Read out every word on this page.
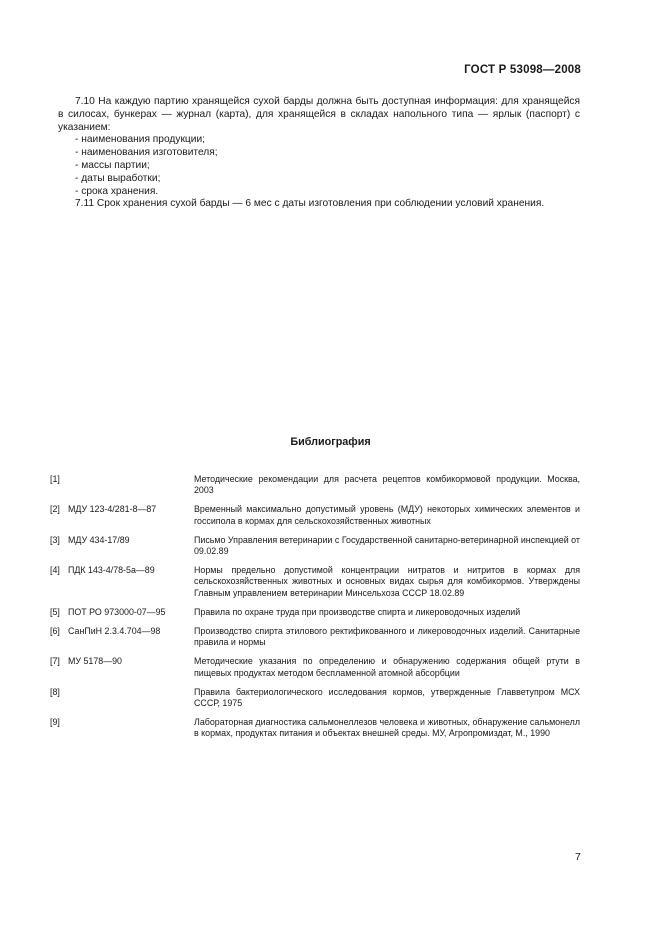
ГОСТ Р 53098—2008

7.10 На каждую партию хранящейся сухой барды должна быть доступная информация: для хранящейся в силосах, бункерах — журнал (карта), для хранящейся в складах напольного типа — ярлык (паспорт) с указанием:

- наименования продукции;
- наименования изготовителя;
- массы партии;
- даты выработки;
- срока хранения.

7.11 Срок хранения сухой барды — 6 мес с даты изготовления при соблюдении условий хранения.

Библиография
[1]	Методические рекомендации для расчета рецептов комбикормовой продукции. Москва, 2003
[2] МДУ 123-4/281-8—87	Временный максимально допустимый уровень (МДУ) некоторых химических элементов и госсипола в кормах для сельскохозяйственных животных
[3] МДУ 434-17/89	Письмо Управления ветеринарии с Государственной санитарно-ветеринарной инспекцией от 09.02.89
[4] ПДК 143-4/78-5а—89	Нормы предельно допустимой концентрации нитратов и нитритов в кормах для сельскохозяйственных животных и основных видах сырья для комбикормов. Утверждены Главным управлением ветеринарии Минсельхоза СССР 18.02.89
[5] ПОТ РО 973000-07—95	Правила по охране труда при производстве спирта и ликероводочных изделий
[6] СанПиН 2.3.4.704—98	Производство спирта этилового ректификованного и ликероводочных изделий. Санитарные правила и нормы
[7] МУ 5178—90	Методические указания по определению и обнаружению содержания общей ртути в пищевых продуктах методом беспламенной атомной абсорбции
[8]	Правила бактериологического исследования кормов, утвержденные Главветупром МСХ СССР, 1975
[9]	Лабораторная диагностика сальмонеллезов человека и животных, обнаружение сальмонелл в кормах, продуктах питания и объектах внешней среды. МУ, Агропромиздат, М., 1990
7
